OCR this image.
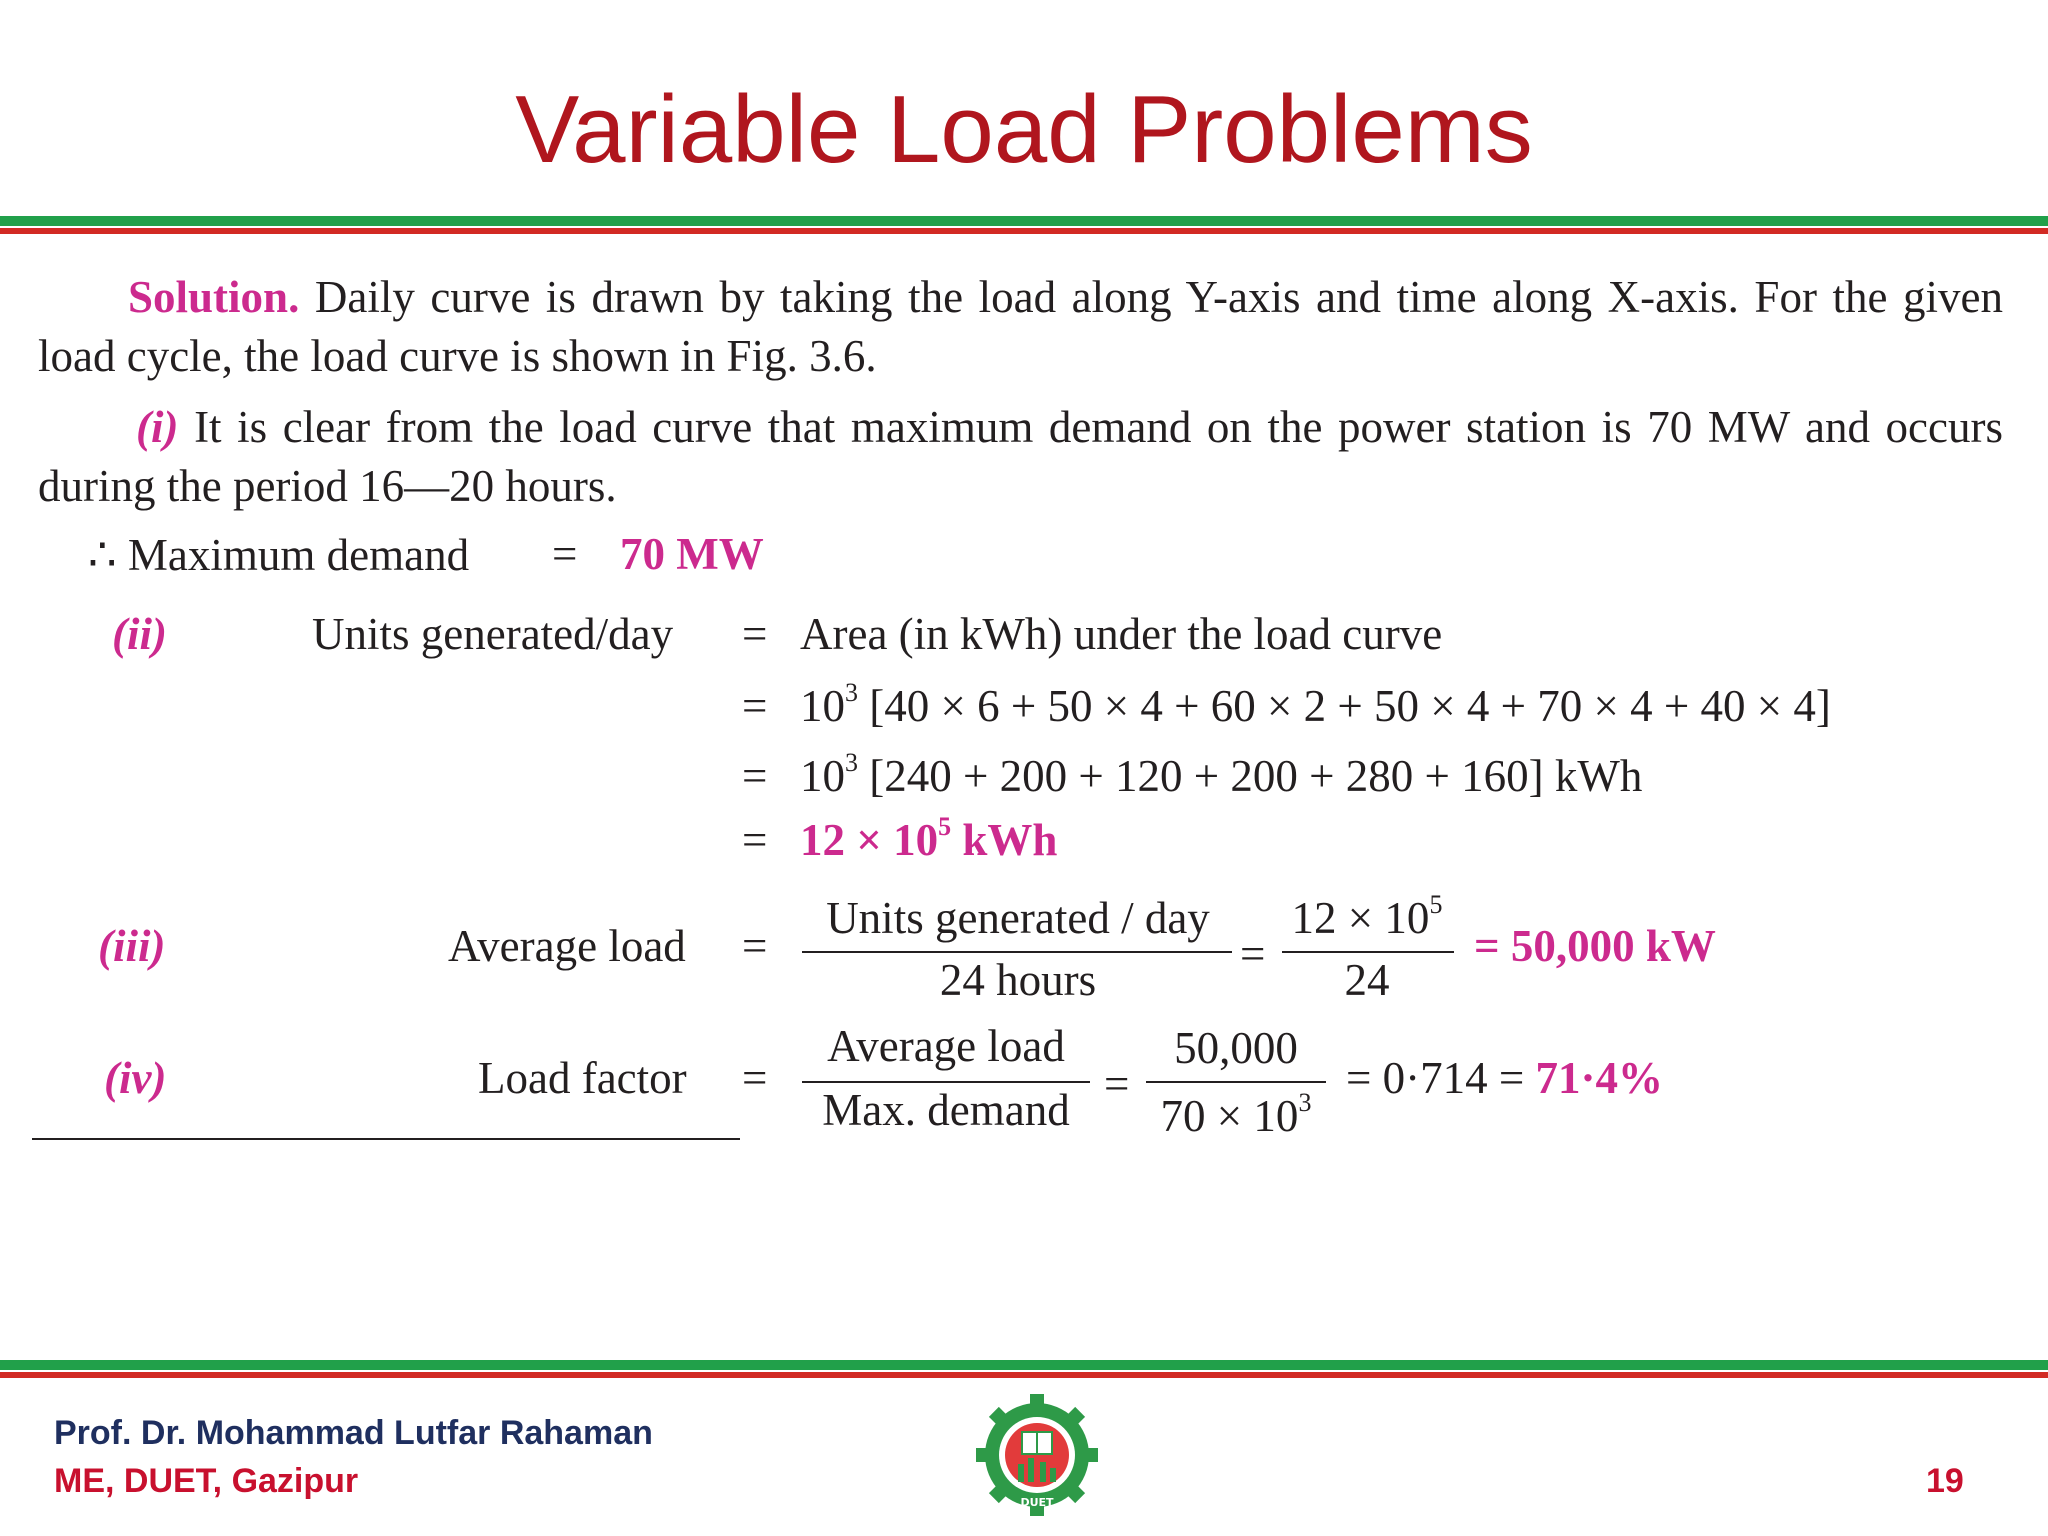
Variable Load Problems
Solution. Daily curve is drawn by taking the load along Y-axis and time along X-axis. For the given load cycle, the load curve is shown in Fig. 3.6.
(i) It is clear from the load curve that maximum demand on the power station is 70 MW and occurs during the period 16—20 hours.
∴ Maximum demand = 70 MW
(ii)	Units generated/day = Area (in kWh) under the load curve
= $10^3$ [40 × 6 + 50 × 4 + 60 × 2 + 50 × 4 + 70 × 4 + 40 × 4]
= $10^3$ [240 + 200 + 120 + 200 + 280 + 160] kWh
= $12 \times 10^5$ kWh
(iii)	Average load =
Units generated / day
24 hours
=
$12 \times 10^5$
24
= 50,000 kW
(iv)	Load factor =
Average load
Max. demand
=
50,000
$70 \times 10^3 = 0\cdot 714 = 71\cdot 4\%$
Prof. Dr. Mohammad Lutfar Rahaman
ME, DUET, Gazipur	19
DUET
